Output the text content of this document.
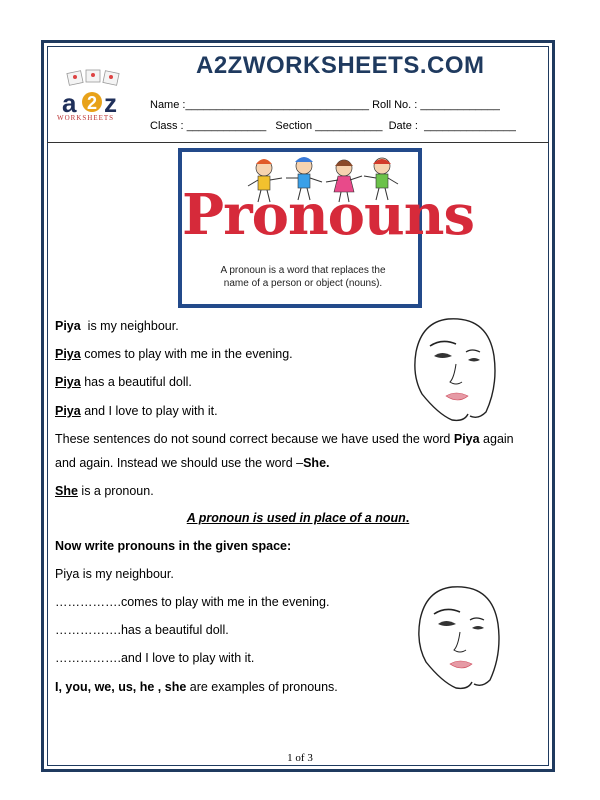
A2ZWORKSHEETS.COM
a 2 z
WORKSHEETS
Name :______________________________ Roll No. : _____________
Class : _____________ Section ___________ Date : _______________
Pronouns
A pronoun is a word that replaces the
name of a person or object (nouns).
Piya  is my neighbour.
Piya comes to play with me in the evening.
Piya has a beautiful doll.
Piya and I love to play with it.
These sentences do not sound correct because we have used the word Piya again
and again. Instead we should use the word –She.
She is a pronoun.
A pronoun is used in place of a noun.
Now write pronouns in the given space:
Piya is my neighbour.
…………….comes to play with me in the evening.
…………….has a beautiful doll.
…………….and I love to play with it.
I, you, we, us, he , she are examples of pronouns.
1 of 3
